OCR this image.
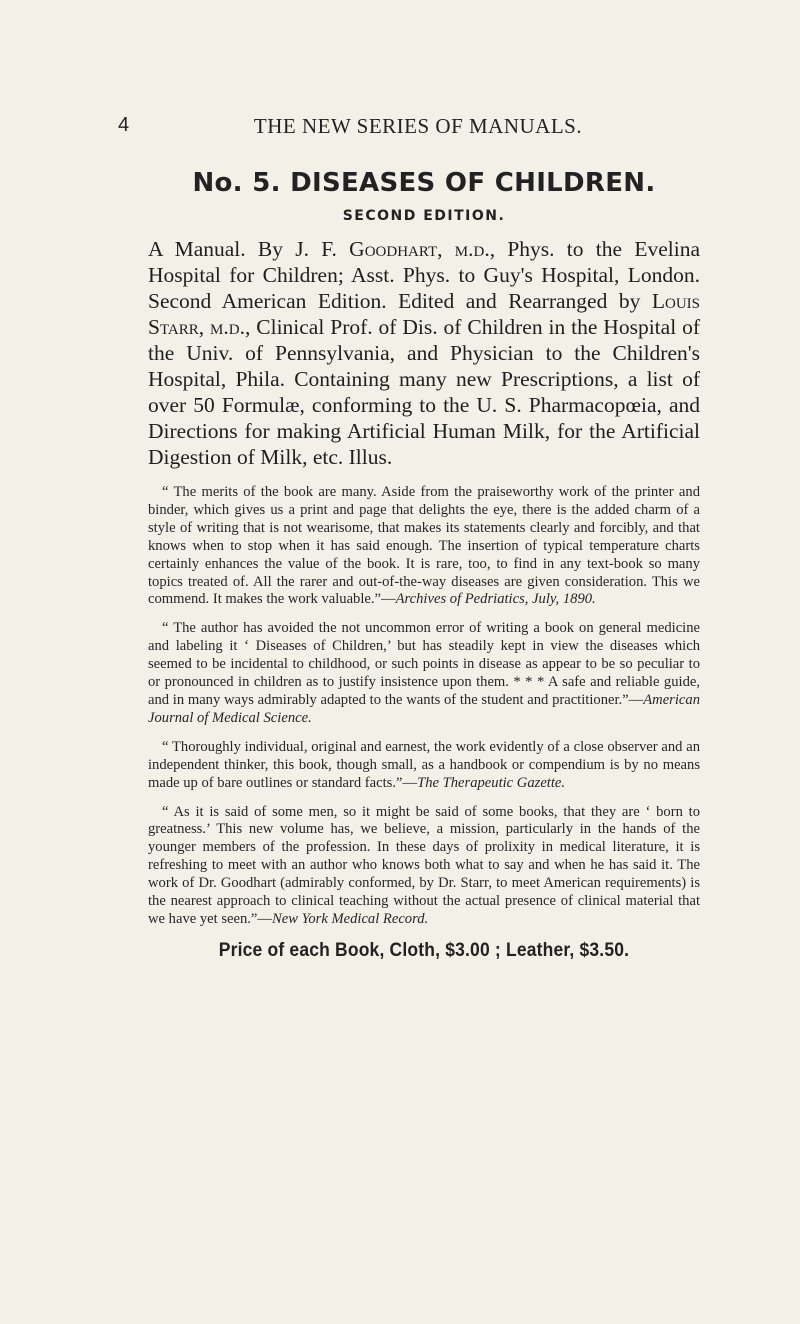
4	THE NEW SERIES OF MANUALS.
No. 5. DISEASES OF CHILDREN.
SECOND EDITION.

A Manual. By J. F. Goodhart, m.d., Phys. to the Evelina Hospital for Children; Asst. Phys. to Guy's Hospital, London. Second American Edition. Edited and Rearranged by Louis Starr, m.d., Clinical Prof. of Dis. of Children in the Hospital of the Univ. of Pennsylvania, and Physician to the Children's Hospital, Phila. Containing many new Prescriptions, a list of over 50 Formulæ, conforming to the U. S. Pharmacopœia, and Directions for making Artificial Human Milk, for the Artificial Digestion of Milk, etc. Illus.

“ The merits of the book are many. Aside from the praiseworthy work of the printer and binder, which gives us a print and page that delights the eye, there is the added charm of a style of writing that is not wearisome, that makes its statements clearly and forcibly, and that knows when to stop when it has said enough. The insertion of typical temperature charts certainly enhances the value of the book. It is rare, too, to find in any text-book so many topics treated of. All the rarer and out-of-the-way diseases are given consideration. This we commend. It makes the work valuable.”—Archives of Pedriatics, July, 1890.

“ The author has avoided the not uncommon error of writing a book on general medicine and labeling it ‘ Diseases of Children,’ but has steadily kept in view the diseases which seemed to be incidental to childhood, or such points in disease as appear to be so peculiar to or pronounced in children as to justify insistence upon them. * * * A safe and reliable guide, and in many ways admirably adapted to the wants of the student and practitioner.”—American Journal of Medical Science.

“ Thoroughly individual, original and earnest, the work evidently of a close observer and an independent thinker, this book, though small, as a handbook or compendium is by no means made up of bare outlines or standard facts.”—The Therapeutic Gazette.

“ As it is said of some men, so it might be said of some books, that they are ‘ born to greatness.’ This new volume has, we believe, a mission, particularly in the hands of the younger members of the profession. In these days of prolixity in medical literature, it is refreshing to meet with an author who knows both what to say and when he has said it. The work of Dr. Goodhart (admirably conformed, by Dr. Starr, to meet American requirements) is the nearest approach to clinical teaching without the actual presence of clinical material that we have yet seen.”—New York Medical Record.

Price of each Book, Cloth, $3.00 ; Leather, $3.50.
